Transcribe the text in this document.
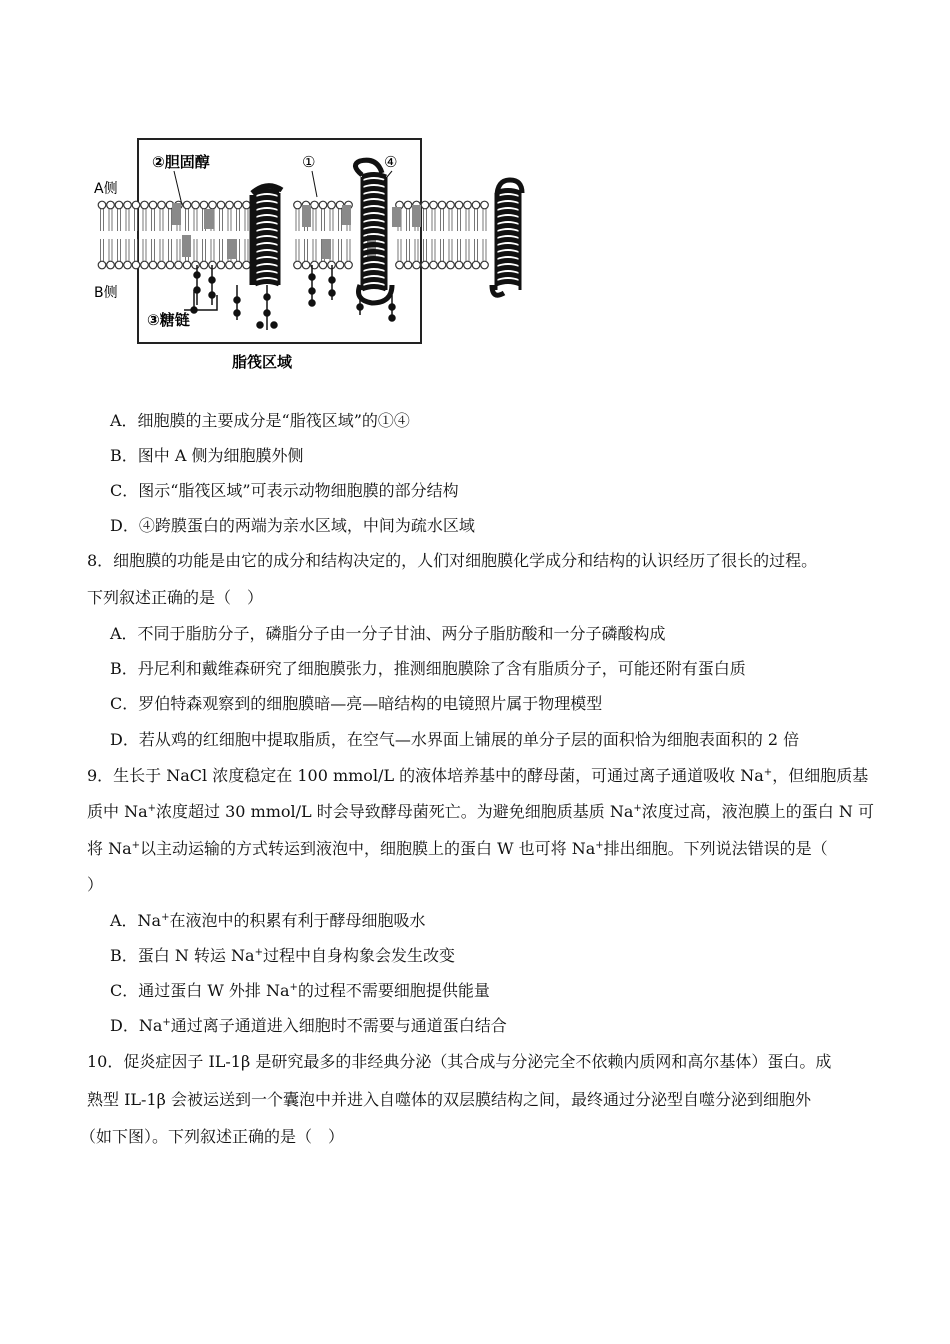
A侧
B侧
②胆固醇	①	④
③糖链
脂筏区域
A．细胞膜的主要成分是“脂筏区域”的①④
B．图中 A 侧为细胞膜外侧
C．图示“脂筏区域”可表示动物细胞膜的部分结构
D．④跨膜蛋白的两端为亲水区域，中间为疏水区域
8．细胞膜的功能是由它的成分和结构决定的，人们对细胞膜化学成分和结构的认识经历了很长的过程。
下列叙述正确的是（　）
A．不同于脂肪分子，磷脂分子由一分子甘油、两分子脂肪酸和一分子磷酸构成
B．丹尼利和戴维森研究了细胞膜张力，推测细胞膜除了含有脂质分子，可能还附有蛋白质
C．罗伯特森观察到的细胞膜暗—亮—暗结构的电镜照片属于物理模型
D．若从鸡的红细胞中提取脂质，在空气—水界面上铺展的单分子层的面积恰为细胞表面积的 2 倍
9．生长于 NaCl 浓度稳定在 100 mmol/L 的液体培养基中的酵母菌，可通过离子通道吸收 Na+，但细胞质基
质中 Na+浓度超过 30 mmol/L 时会导致酵母菌死亡。为避免细胞质基质 Na+浓度过高，液泡膜上的蛋白 N 可
将 Na+以主动运输的方式转运到液泡中，细胞膜上的蛋白 W 也可将 Na+排出细胞。下列说法错误的是（
）
A．Na+在液泡中的积累有利于酵母细胞吸水
B．蛋白 N 转运 Na+过程中自身构象会发生改变
C．通过蛋白 W 外排 Na+的过程不需要细胞提供能量
D．Na+通过离子通道进入细胞时不需要与通道蛋白结合
10．促炎症因子 IL-1β 是研究最多的非经典分泌（其合成与分泌完全不依赖内质网和高尔基体）蛋白。成
熟型 IL-1β 会被运送到一个囊泡中并进入自噬体的双层膜结构之间，最终通过分泌型自噬分泌到细胞外
（如下图）。下列叙述正确的是（　）
